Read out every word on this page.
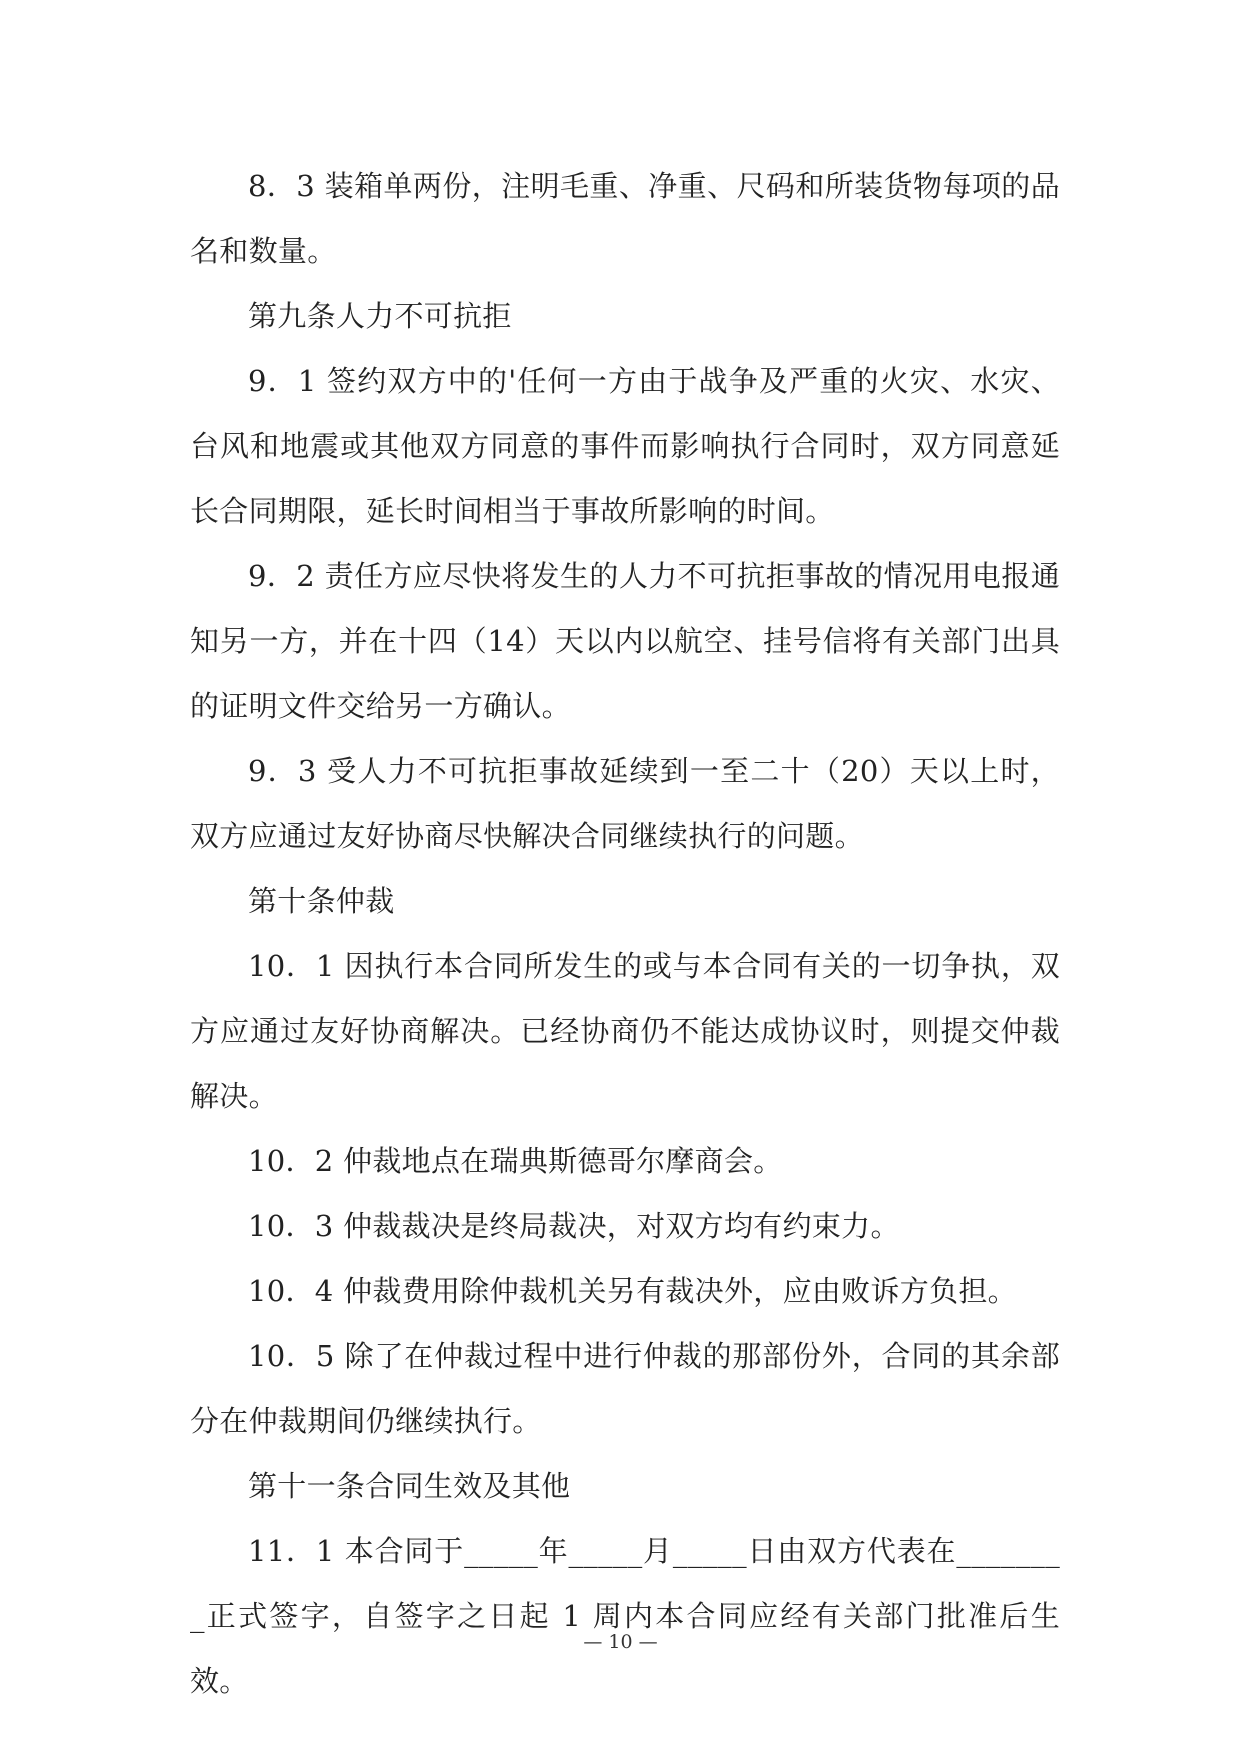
8．3 装箱单两份，注明毛重、净重、尺码和所装货物每项的品名和数量。

第九条人力不可抗拒

9．1 签约双方中的'任何一方由于战争及严重的火灾、水灾、台风和地震或其他双方同意的事件而影响执行合同时，双方同意延长合同期限，延长时间相当于事故所影响的时间。

9．2 责任方应尽快将发生的人力不可抗拒事故的情况用电报通知另一方，并在十四（14）天以内以航空、挂号信将有关部门出具的证明文件交给另一方确认。

9．3 受人力不可抗拒事故延续到一至二十（20）天以上时，双方应通过友好协商尽快解决合同继续执行的问题。

第十条仲裁

10．1 因执行本合同所发生的或与本合同有关的一切争执，双方应通过友好协商解决。已经协商仍不能达成协议时，则提交仲裁解决。

10．2 仲裁地点在瑞典斯德哥尔摩商会。

10．3 仲裁裁决是终局裁决，对双方均有约束力。

10．4 仲裁费用除仲裁机关另有裁决外，应由败诉方负担。

10．5 除了在仲裁过程中进行仲裁的那部份外，合同的其余部分在仲裁期间仍继续执行。

第十一条合同生效及其他

11．1 本合同于_____年_____月_____日由双方代表在________正式签字，自签字之日起 1 周内本合同应经有关部门批准后生效。

— 10 —
